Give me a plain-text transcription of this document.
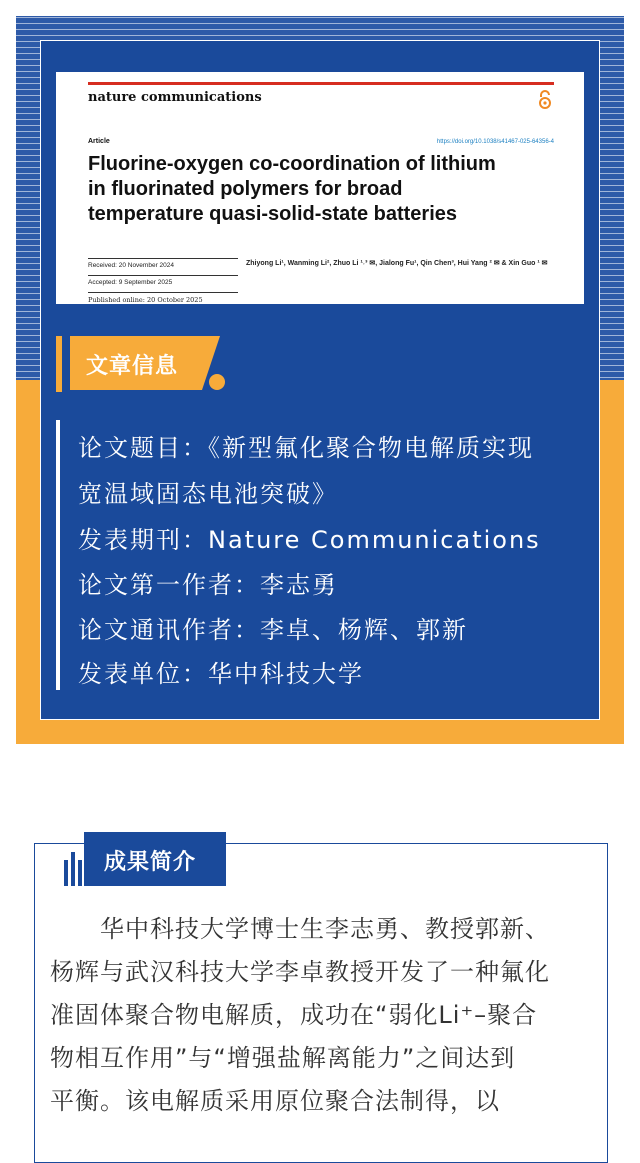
nature communications
Article	https://doi.org/10.1038/s41467-025-64356-4
Fluorine-oxygen co-coordination of lithium
in fluorinated polymers for broad
temperature quasi-solid-state batteries
Received: 20 November 2024
Accepted: 9 September 2025
Published online: 20 October 2025
Zhiyong Li¹, Wanming Li², Zhuo Li ¹˒³ ✉, Jialong Fu¹, Qin Chen³, Hui Yang ² ✉ & Xin Guo ¹ ✉
文章信息
论文题目：《新型氟化聚合物电解质实现
宽温域固态电池突破》
发表期刊：Nature Communications
论文第一作者：李志勇
论文通讯作者：李卓、杨辉、郭新
发表单位：华中科技大学
成果简介
　　华中科技大学博士生李志勇、教授郭新、
杨辉与武汉科技大学李卓教授开发了一种氟化
准固体聚合物电解质，成功在“弱化Li⁺–聚合
物相互作用”与“增强盐解离能力”之间达到
平衡。该电解质采用原位聚合法制得，以
